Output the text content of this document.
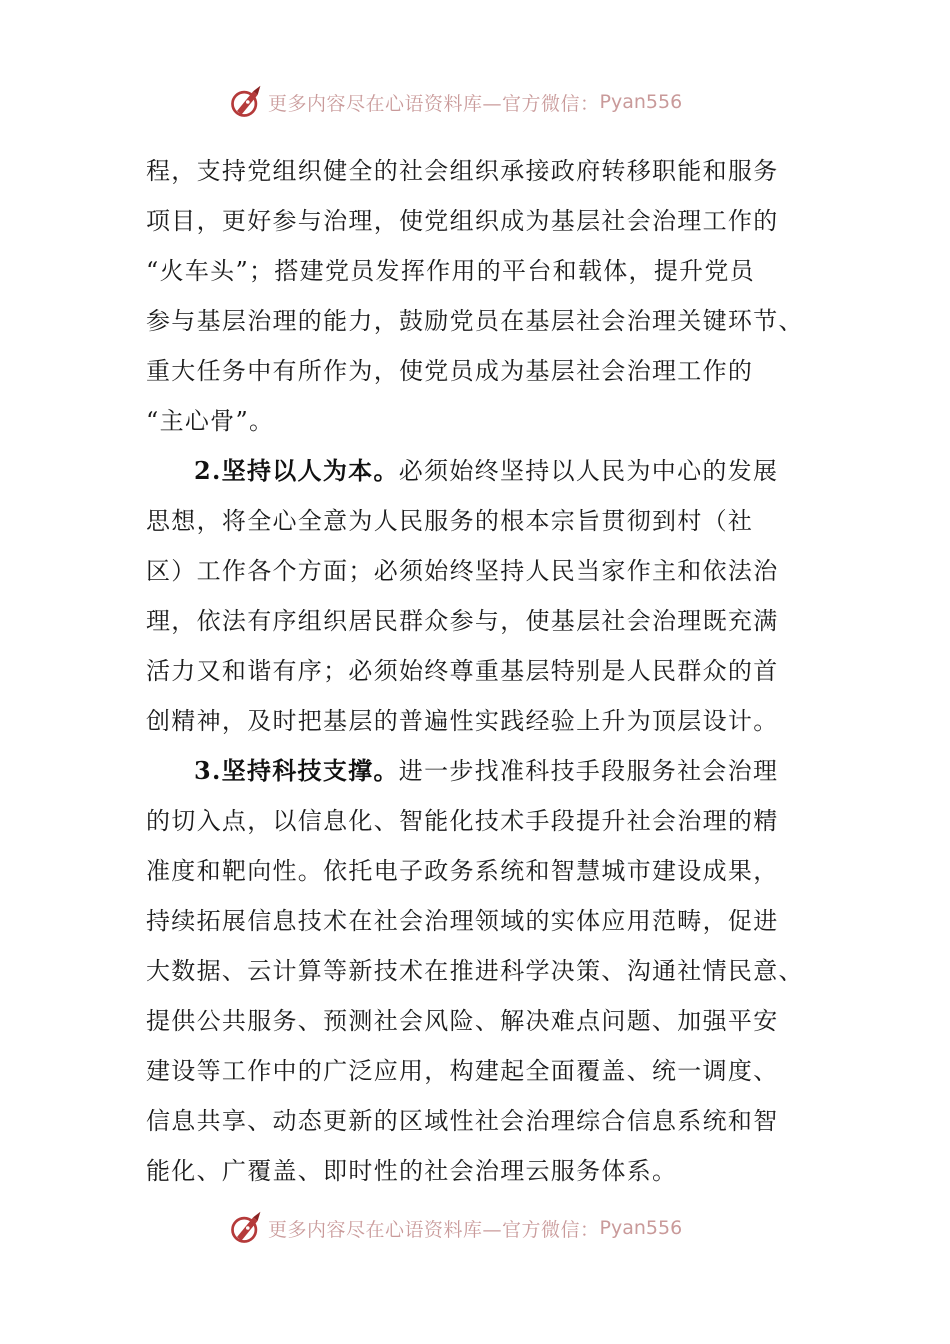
更多内容尽在心语资料库—官方微信： Pyan556
程，支持党组织健全的社会组织承接政府转移职能和服务
项目，更好参与治理，使党组织成为基层社会治理工作的
“火车头”；搭建党员发挥作用的平台和载体，提升党员
参与基层治理的能力，鼓励党员在基层社会治理关键环节、
重大任务中有所作为，使党员成为基层社会治理工作的
“主心骨”。
2.坚持以人为本。必须始终坚持以人民为中心的发展
思想，将全心全意为人民服务的根本宗旨贯彻到村（社
区）工作各个方面；必须始终坚持人民当家作主和依法治
理，依法有序组织居民群众参与，使基层社会治理既充满
活力又和谐有序；必须始终尊重基层特别是人民群众的首
创精神，及时把基层的普遍性实践经验上升为顶层设计。
3.坚持科技支撑。进一步找准科技手段服务社会治理
的切入点，以信息化、智能化技术手段提升社会治理的精
准度和靶向性。依托电子政务系统和智慧城市建设成果，
持续拓展信息技术在社会治理领域的实体应用范畴，促进
大数据、云计算等新技术在推进科学决策、沟通社情民意、
提供公共服务、预测社会风险、解决难点问题、加强平安
建设等工作中的广泛应用，构建起全面覆盖、统一调度、
信息共享、动态更新的区域性社会治理综合信息系统和智
能化、广覆盖、即时性的社会治理云服务体系。
更多内容尽在心语资料库—官方微信： Pyan556
